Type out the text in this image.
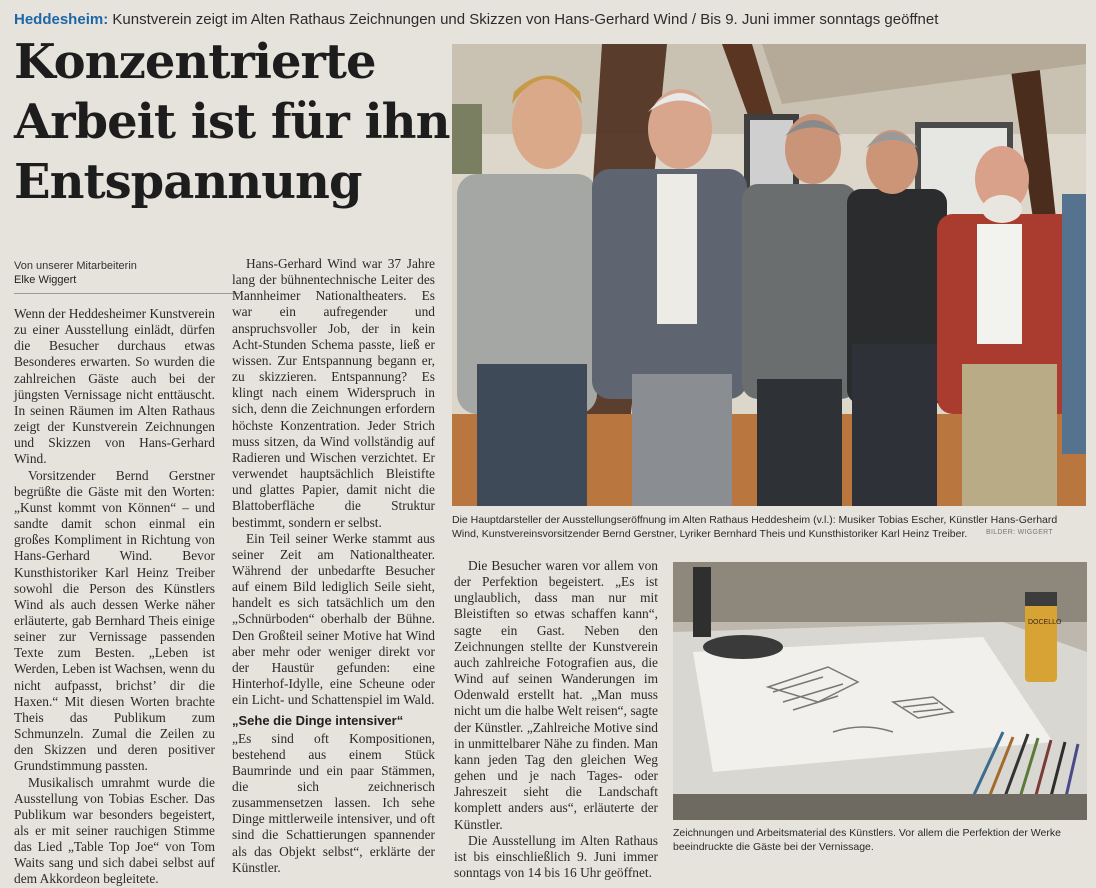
Heddesheim: Kunstverein zeigt im Alten Rathaus Zeichnungen und Skizzen von Hans-Gerhard Wind / Bis 9. Juni immer sonntags geöffnet
Konzentrierte
Arbeit ist für ihn
Entspannung
Von unserer Mitarbeiterin
Elke Wiggert

Wenn der Heddesheimer Kunstverein zu einer Ausstellung einlädt, dürfen die Besucher durchaus etwas Besonderes erwarten. So wurden die zahlreichen Gäste auch bei der jüngsten Vernissage nicht enttäuscht. In seinen Räumen im Alten Rathaus zeigt der Kunstverein Zeichnungen und Skizzen von Hans-Gerhard Wind.

Vorsitzender Bernd Gerstner begrüßte die Gäste mit den Worten: „Kunst kommt von Können“ – und sandte damit schon einmal ein großes Kompliment in Richtung von Hans-Gerhard Wind. Bevor Kunsthistoriker Karl Heinz Treiber sowohl die Person des Künstlers Wind als auch dessen Werke näher erläuterte, gab Bernhard Theis einige seiner zur Vernissage passenden Texte zum Besten. „Leben ist Werden, Leben ist Wachsen, wenn du nicht aufpasst, brichst’ dir die Haxen.“ Mit diesen Worten brachte Theis das Publikum zum Schmunzeln. Zumal die Zeilen zu den Skizzen und deren positiver Grundstimmung passten.

Musikalisch umrahmt wurde die Ausstellung von Tobias Escher. Das Publikum war besonders begeistert, als er mit seiner rauchigen Stimme das Lied „Table Top Joe“ von Tom Waits sang und sich dabei selbst auf dem Akkordeon begleitete.

Hans-Gerhard Wind war 37 Jahre lang der bühnentechnische Leiter des Mannheimer Nationaltheaters. Es war ein aufregender und anspruchsvoller Job, der in kein Acht-Stunden Schema passte, ließ er wissen. Zur Entspannung begann er, zu skizzieren. Entspannung? Es klingt nach einem Widerspruch in sich, denn die Zeichnungen erfordern höchste Konzentration. Jeder Strich muss sitzen, da Wind vollständig auf Radieren und Wischen verzichtet. Er verwendet hauptsächlich Bleistifte und glattes Papier, damit nicht die Blattoberfläche die Struktur bestimmt, sondern er selbst.

Ein Teil seiner Werke stammt aus seiner Zeit am Nationaltheater. Während der unbedarfte Besucher auf einem Bild lediglich Seile sieht, handelt es sich tatsächlich um den „Schnürboden“ oberhalb der Bühne. Den Großteil seiner Motive hat Wind aber mehr oder weniger direkt vor der Haustür gefunden: eine Hinterhof-Idylle, eine Scheune oder ein Licht- und Schattenspiel im Wald.

„Sehe die Dinge intensiver“

„Es sind oft Kompositionen, bestehend aus einem Stück Baumrinde und ein paar Stämmen, die sich zeichnerisch zusammensetzen lassen. Ich sehe Dinge mittlerweile intensiver, und oft sind die Schattierungen spannender als das Objekt selbst“, erklärte der Künstler.

Die Besucher waren vor allem von der Perfektion begeistert. „Es ist unglaublich, dass man nur mit Bleistiften so etwas schaffen kann“, sagte ein Gast. Neben den Zeichnungen stellte der Kunstverein auch zahlreiche Fotografien aus, die Wind auf seinen Wanderungen im Odenwald erstellt hat. „Man muss nicht um die halbe Welt reisen“, sagte der Künstler. „Zahlreiche Motive sind in unmittelbarer Nähe zu finden. Man kann jeden Tag den gleichen Weg gehen und je nach Tages- oder Jahreszeit sieht die Landschaft komplett anders aus“, erläuterte der Künstler.

Die Ausstellung im Alten Rathaus ist bis einschließlich 9. Juni immer sonntags von 14 bis 16 Uhr geöffnet.

Die Hauptdarsteller der Ausstellungseröffnung im Alten Rathaus Heddesheim (v.l.): Musiker Tobias Escher, Künstler Hans-Gerhard Wind, Kunstvereinsvorsitzender Bernd Gerstner, Lyriker Bernhard Theis und Kunsthistoriker Karl Heinz Treiber.	BILDER: WIGGERT
DOCELLO
Zeichnungen und Arbeitsmaterial des Künstlers. Vor allem die Perfektion der Werke beeindruckte die Gäste bei der Vernissage.
